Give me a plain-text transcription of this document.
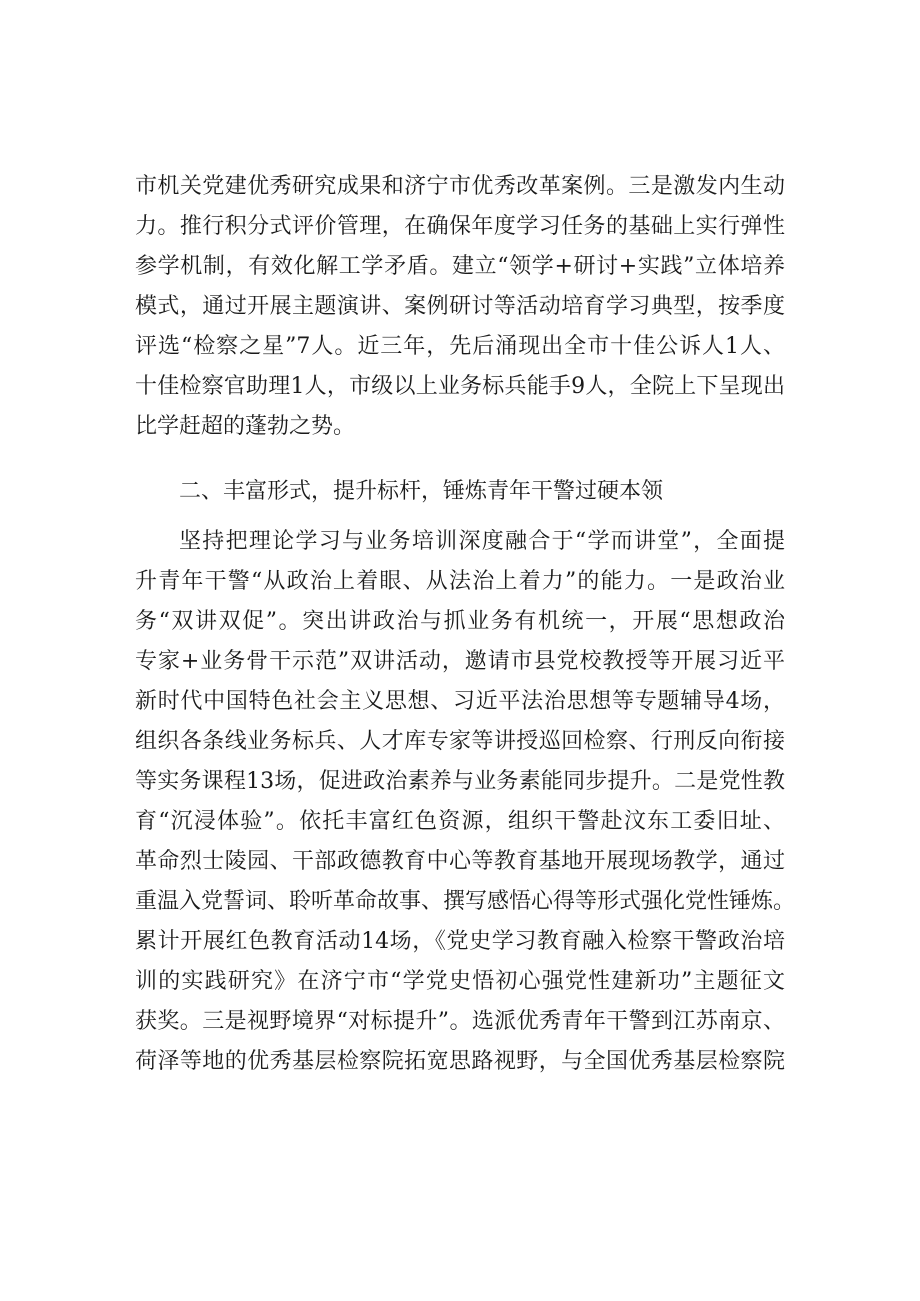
市机关党建优秀研究成果和济宁市优秀改革案例。三是激发内生动
力。推行积分式评价管理，在确保年度学习任务的基础上实行弹性
参学机制，有效化解工学矛盾。建立“领学+研讨+实践”立体培养
模式，通过开展主题演讲、案例研讨等活动培育学习典型，按季度
评选“检察之星”7人。近三年，先后涌现出全市十佳公诉人1人、
十佳检察官助理1人，市级以上业务标兵能手9人，全院上下呈现出
比学赶超的蓬勃之势。
二、丰富形式，提升标杆，锤炼青年干警过硬本领
坚持把理论学习与业务培训深度融合于“学而讲堂”，全面提
升青年干警“从政治上着眼、从法治上着力”的能力。一是政治业
务“双讲双促”。突出讲政治与抓业务有机统一，开展“思想政治
专家+业务骨干示范”双讲活动，邀请市县党校教授等开展习近平
新时代中国特色社会主义思想、习近平法治思想等专题辅导4场，
组织各条线业务标兵、人才库专家等讲授巡回检察、行刑反向衔接
等实务课程13场，促进政治素养与业务素能同步提升。二是党性教
育“沉浸体验”。依托丰富红色资源，组织干警赴汶东工委旧址、
革命烈士陵园、干部政德教育中心等教育基地开展现场教学，通过
重温入党誓词、聆听革命故事、撰写感悟心得等形式强化党性锤炼。
累计开展红色教育活动14场，《党史学习教育融入检察干警政治培
训的实践研究》在济宁市“学党史悟初心强党性建新功”主题征文
获奖。三是视野境界“对标提升”。选派优秀青年干警到江苏南京、
荷泽等地的优秀基层检察院拓宽思路视野，与全国优秀基层检察院
